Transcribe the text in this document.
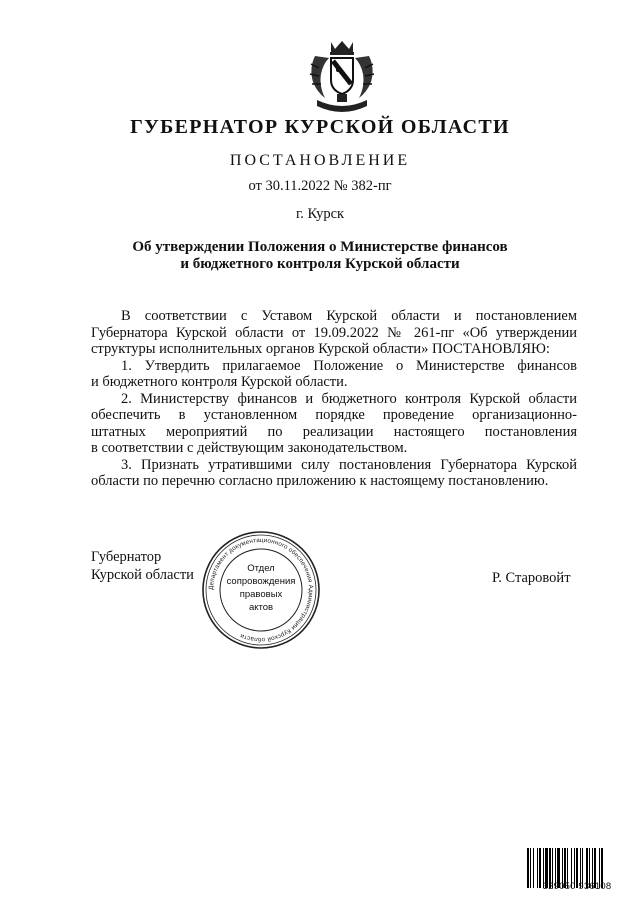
ГУБЕРНАТОР КУРСКОЙ ОБЛАСТИ
ПОСТАНОВЛЕНИЕ
от 30.11.2022 № 382-пг
г. Курск
Об утверждении Положения о Министерстве финансов
и бюджетного контроля Курской области
В соответствии с Уставом Курской области и постановлением
Губернатора Курской области от 19.09.2022 № 261-пг «Об утверждении
структуры исполнительных органов Курской области» ПОСТАНОВЛЯЮ:
1. Утвердить прилагаемое Положение о Министерстве финансов
и бюджетного контроля Курской области.
2. Министерству финансов и бюджетного контроля Курской области
обеспечить в установленном порядке проведение организационно-
штатных мероприятий по реализации настоящего постановления
в соответствии с действующим законодательством.
3. Признать утратившими силу постановления Губернатора Курской
области по перечню согласно приложению к настоящему постановлению.
Губернатор
Курской области	Р. Старовойт
Департамент документационного обеспечения Администрации Курской области
Отдел
сопровождения
правовых
актов
329050 936108
